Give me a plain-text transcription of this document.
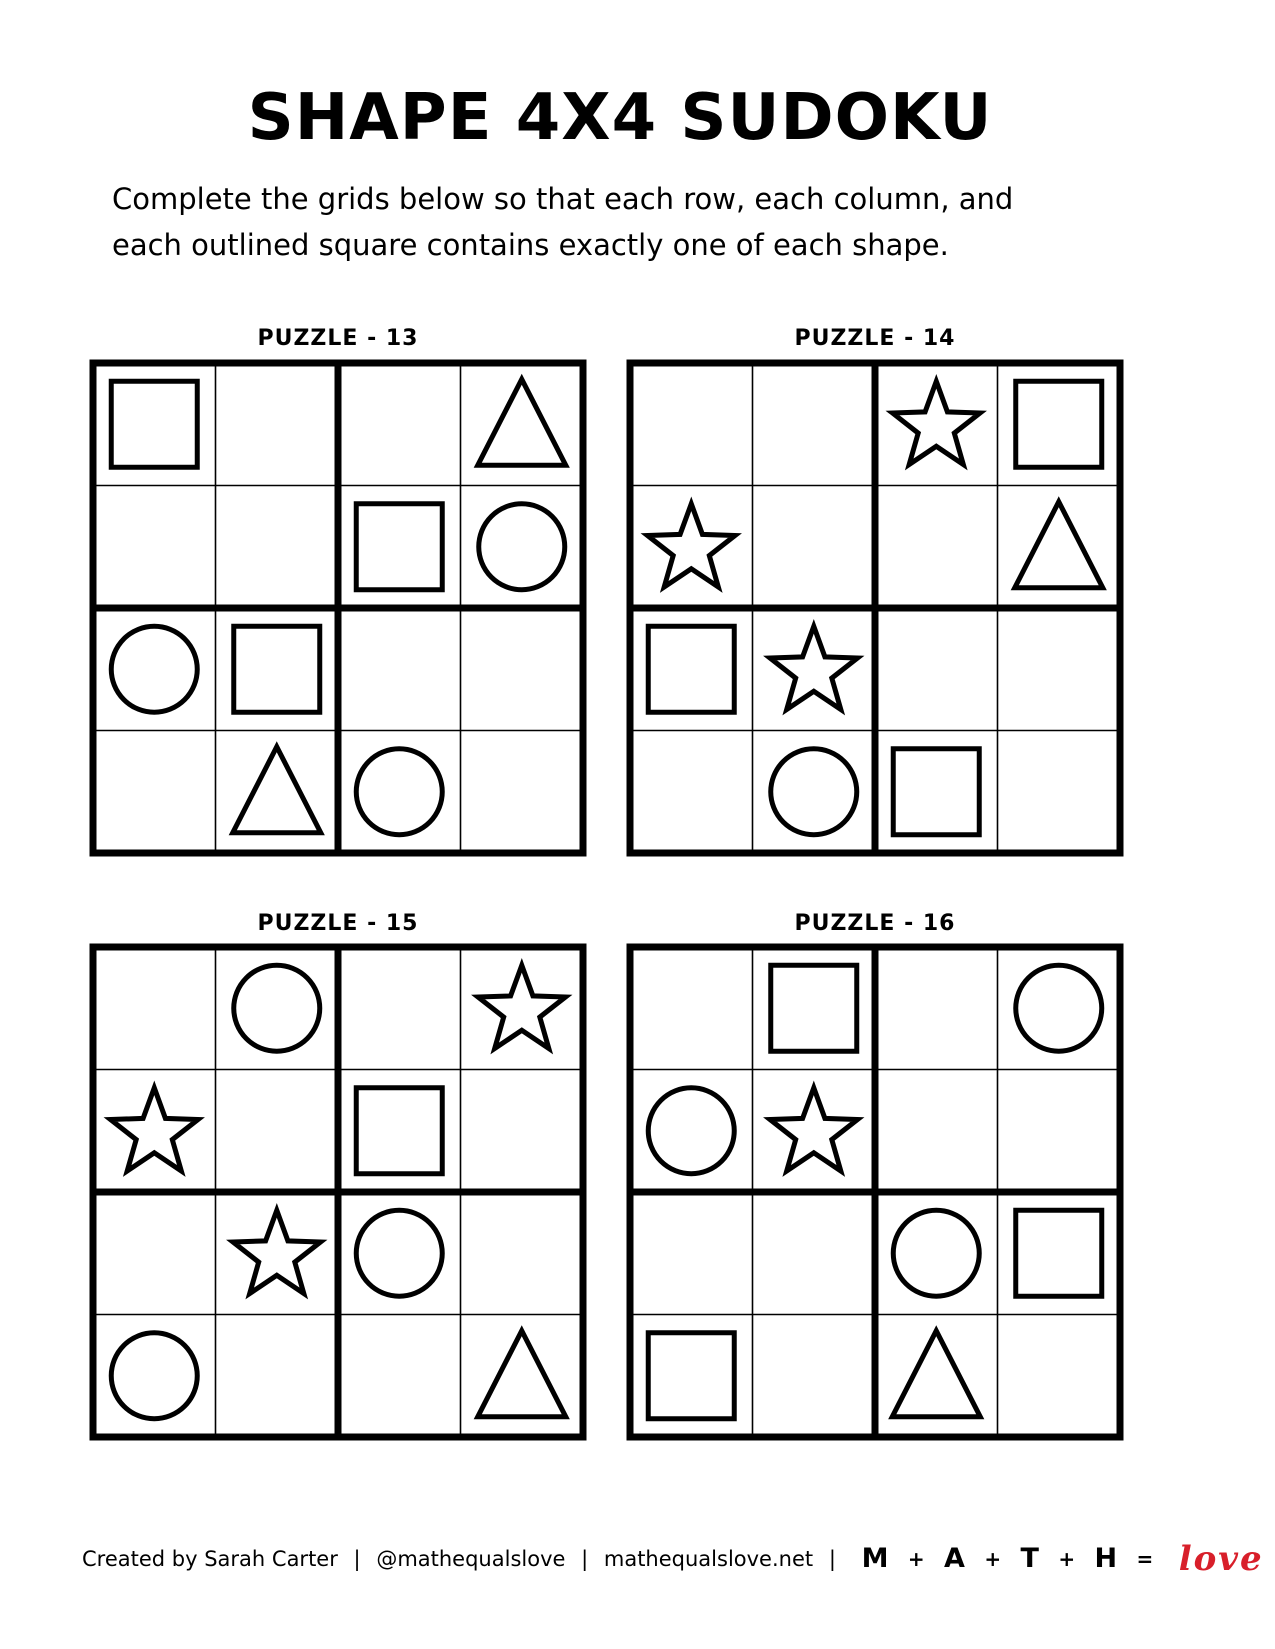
SHAPE 4X4 SUDOKU
Complete the grids below so that each row, each column, and
each outlined square contains exactly one of each shape.
PUZZLE - 13	PUZZLE - 14
PUZZLE - 15	PUZZLE - 16
Created by Sarah Carter | @mathequalslove | mathequalslove.net | M + A + T + H = love
